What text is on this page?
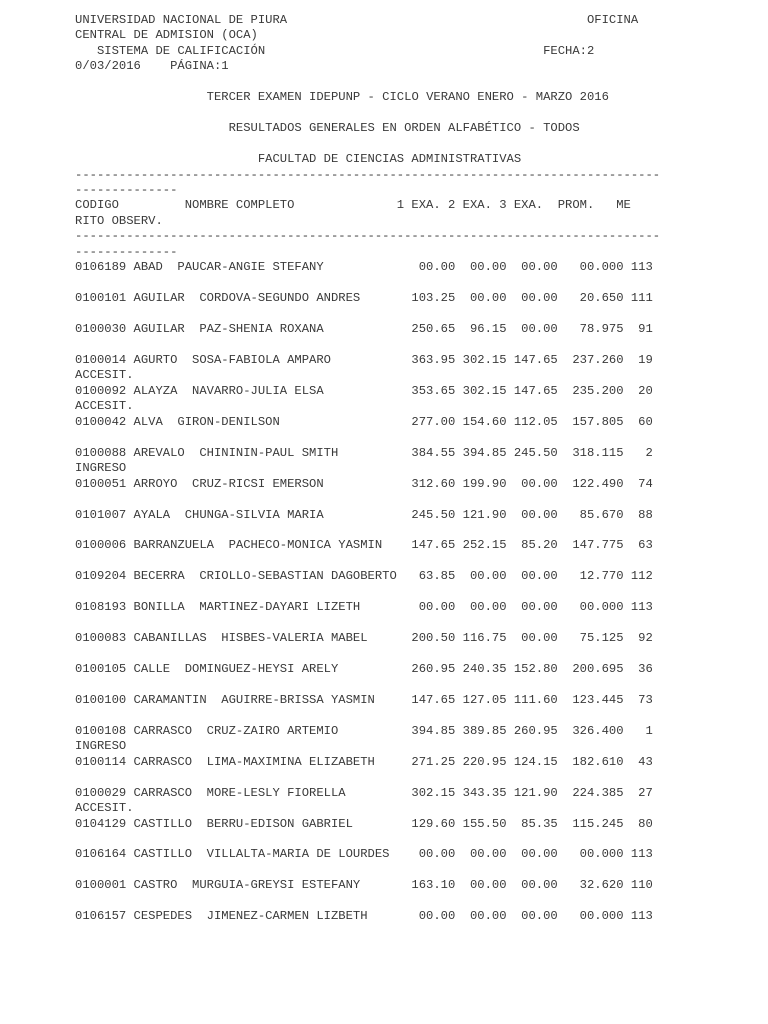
UNIVERSIDAD NACIONAL DE PIURA	OFICINA
CENTRAL DE ADMISION (OCA)
SISTEMA DE CALIFICACIÓN	FECHA:2
0/03/2016    PÁGINA:1

TERCER EXAMEN IDEPUNP - CICLO VERANO ENERO - MARZO 2016

RESULTADOS GENERALES EN ORDEN ALFABÉTICO - TODOS

FACULTAD DE CIENCIAS ADMINISTRATIVAS
--------------------------------------------------------------------------------
--------------
CODIGO         NOMBRE COMPLETO              1 EXA. 2 EXA. 3 EXA.  PROM.   ME
RITO OBSERV.
--------------------------------------------------------------------------------
--------------
0106189 ABAD  PAUCAR-ANGIE STEFANY             00.00  00.00  00.00   00.000 113

0100101 AGUILAR  CORDOVA-SEGUNDO ANDRES       103.25  00.00  00.00   20.650 111

0100030 AGUILAR  PAZ-SHENIA ROXANA            250.65  96.15  00.00   78.975  91

0100014 AGURTO  SOSA-FABIOLA AMPARO           363.95 302.15 147.65  237.260  19
ACCESIT.
0100092 ALAYZA  NAVARRO-JULIA ELSA            353.65 302.15 147.65  235.200  20
ACCESIT.
0100042 ALVA  GIRON-DENILSON                  277.00 154.60 112.05  157.805  60

0100088 AREVALO  CHINININ-PAUL SMITH          384.55 394.85 245.50  318.115   2
INGRESO
0100051 ARROYO  CRUZ-RICSI EMERSON            312.60 199.90  00.00  122.490  74

0101007 AYALA  CHUNGA-SILVIA MARIA            245.50 121.90  00.00   85.670  88

0100006 BARRANZUELA  PACHECO-MONICA YASMIN    147.65 252.15  85.20  147.775  63

0109204 BECERRA  CRIOLLO-SEBASTIAN DAGOBERTO   63.85  00.00  00.00   12.770 112

0108193 BONILLA  MARTINEZ-DAYARI LIZETH        00.00  00.00  00.00   00.000 113

0100083 CABANILLAS  HISBES-VALERIA MABEL      200.50 116.75  00.00   75.125  92

0100105 CALLE  DOMINGUEZ-HEYSI ARELY          260.95 240.35 152.80  200.695  36

0100100 CARAMANTIN  AGUIRRE-BRISSA YASMIN     147.65 127.05 111.60  123.445  73

0100108 CARRASCO  CRUZ-ZAIRO ARTEMIO          394.85 389.85 260.95  326.400   1
INGRESO
0100114 CARRASCO  LIMA-MAXIMINA ELIZABETH     271.25 220.95 124.15  182.610  43

0100029 CARRASCO  MORE-LESLY FIORELLA         302.15 343.35 121.90  224.385  27
ACCESIT.
0104129 CASTILLO  BERRU-EDISON GABRIEL        129.60 155.50  85.35  115.245  80

0106164 CASTILLO  VILLALTA-MARIA DE LOURDES    00.00  00.00  00.00   00.000 113

0100001 CASTRO  MURGUIA-GREYSI ESTEFANY       163.10  00.00  00.00   32.620 110

0106157 CESPEDES  JIMENEZ-CARMEN LIZBETH       00.00  00.00  00.00   00.000 113
